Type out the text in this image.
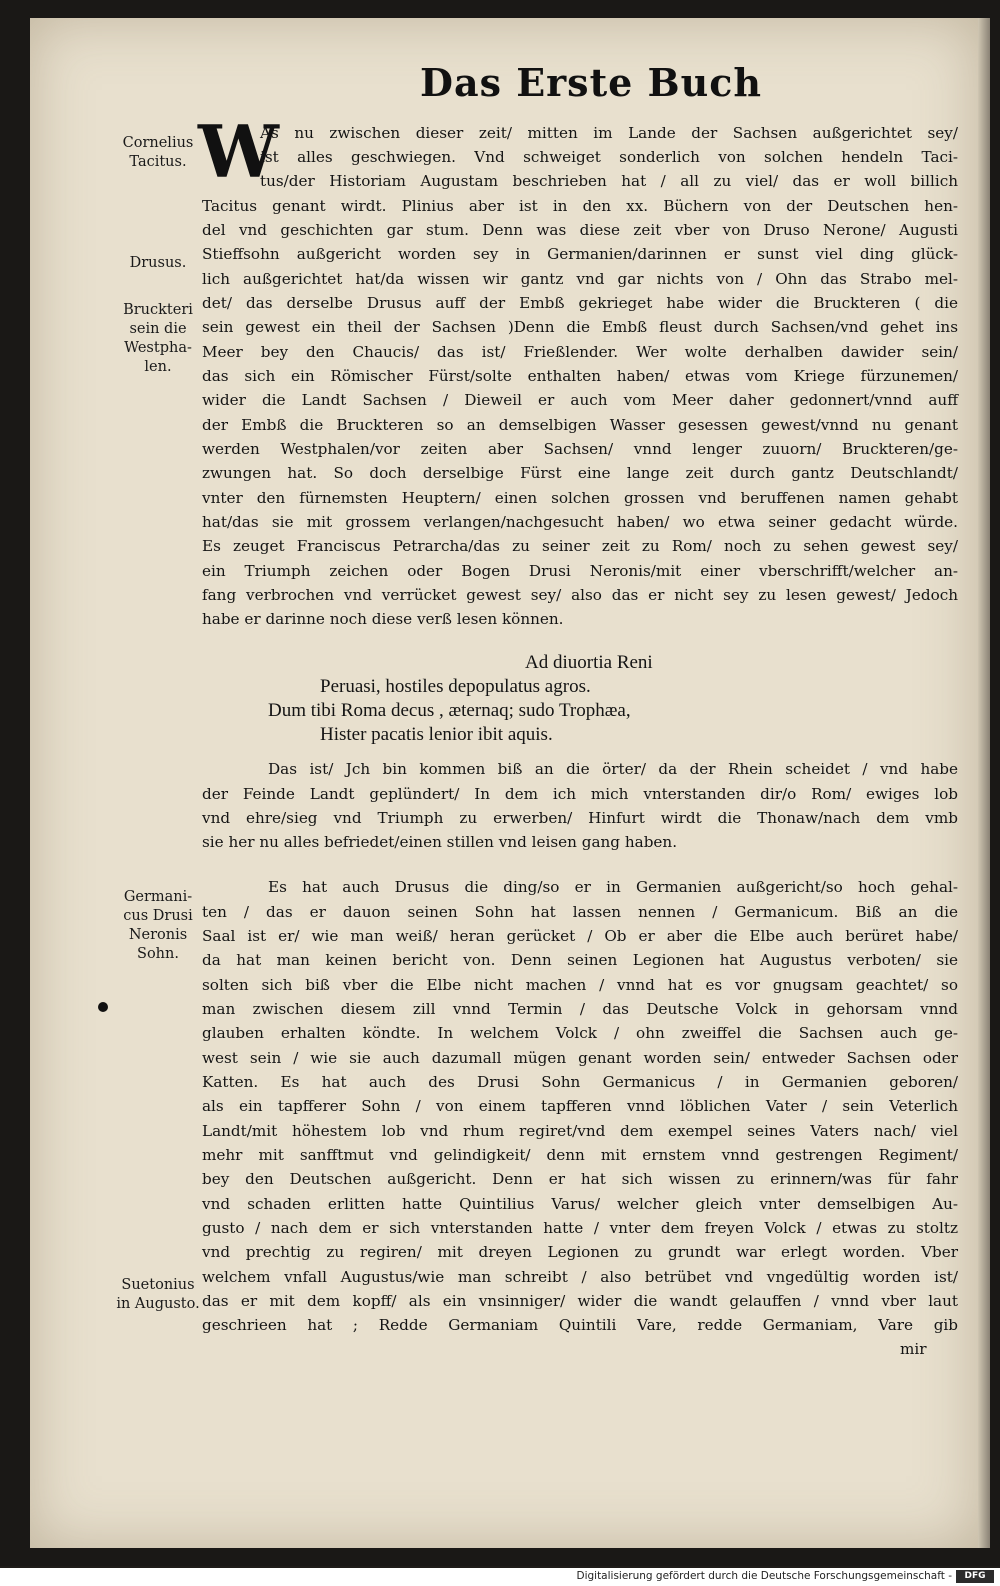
Das Erste Buch
W
Cornelius
Tacitus.
Drusus.
Bruckteri
sein die
Westpha-
len.
Germani-
cus Drusi
Neronis
Sohn.
Suetonius
in Augusto.
As nu zwischen dieser zeit/ mitten im Lande der Sachsen außgerichtet sey/
ist alles geschwiegen. Vnd schweiget sonderlich von solchen hendeln Taci-
tus/der Historiam Augustam beschrieben hat / all zu viel/ das er woll billich
Tacitus genant wirdt. Plinius aber ist in den xx. Büchern von der Deutschen hen-
del vnd geschichten gar stum. Denn was diese zeit vber von Druso Nerone/ Augusti
Stieffsohn außgericht worden sey in Germanien/darinnen er sunst viel ding glück-
lich außgerichtet hat/da wissen wir gantz vnd gar nichts von / Ohn das Strabo mel-
det/ das derselbe Drusus auff der Embß gekrieget habe wider die Bruckteren ( die
sein gewest ein theil der Sachsen )Denn die Embß fleust durch Sachsen/vnd gehet ins
Meer bey den Chaucis/ das ist/ Frießlender. Wer wolte derhalben dawider sein/
das sich ein Römischer Fürst/solte enthalten haben/ etwas vom Kriege fürzunemen/
wider die Landt Sachsen / Dieweil er auch vom Meer daher gedonnert/vnnd auff
der Embß die Bruckteren so an demselbigen Wasser gesessen gewest/vnnd nu genant
werden Westphalen/vor zeiten aber Sachsen/ vnnd lenger zuuorn/ Bruckteren/ge-
zwungen hat. So doch derselbige Fürst eine lange zeit durch gantz Deutschlandt/
vnter den fürnemsten Heuptern/ einen solchen grossen vnd beruffenen namen gehabt
hat/das sie mit grossem verlangen/nachgesucht haben/ wo etwa seiner gedacht würde.
Es zeuget Franciscus Petrarcha/das zu seiner zeit zu Rom/ noch zu sehen gewest sey/
ein Triumph zeichen oder Bogen Drusi Neronis/mit einer vberschrifft/welcher an-
fang verbrochen vnd verrücket gewest sey/ also das er nicht sey zu lesen gewest/ Jedoch
habe er darinne noch diese verß lesen können.
Ad diuortia Reni
Peruasi, hostiles depopulatus agros.
Dum tibi Roma decus , æternaq; sudo Trophæa,
Hister pacatis lenior ibit aquis.
Das ist/ Jch bin kommen biß an die örter/ da der Rhein scheidet / vnd habe
der Feinde Landt geplündert/ In dem ich mich vnterstanden dir/o Rom/ ewiges lob
vnd ehre/sieg vnd Triumph zu erwerben/ Hinfurt wirdt die Thonaw/nach dem vmb
sie her nu alles befriedet/einen stillen vnd leisen gang haben.
Es hat auch Drusus die ding/so er in Germanien außgericht/so hoch gehal-
ten / das er dauon seinen Sohn hat lassen nennen / Germanicum. Biß an die
Saal ist er/ wie man weiß/ heran gerücket / Ob er aber die Elbe auch berüret habe/
da hat man keinen bericht von. Denn seinen Legionen hat Augustus verboten/ sie
solten sich biß vber die Elbe nicht machen / vnnd hat es vor gnugsam geachtet/ so
man zwischen diesem zill vnnd Termin / das Deutsche Volck in gehorsam vnnd
glauben erhalten köndte. In welchem Volck / ohn zweiffel die Sachsen auch ge-
west sein / wie sie auch dazumall mügen genant worden sein/ entweder Sachsen oder
Katten. Es hat auch des Drusi Sohn Germanicus / in Germanien geboren/
als ein tapfferer Sohn / von einem tapfferen vnnd löblichen Vater / sein Veterlich
Landt/mit höhestem lob vnd rhum regiret/vnd dem exempel seines Vaters nach/ viel
mehr mit sanfftmut vnd gelindigkeit/ denn mit ernstem vnnd gestrengen Regiment/
bey den Deutschen außgericht. Denn er hat sich wissen zu erinnern/was für fahr
vnd schaden erlitten hatte Quintilius Varus/ welcher gleich vnter demselbigen Au-
gusto / nach dem er sich vnterstanden hatte / vnter dem freyen Volck / etwas zu stoltz
vnd prechtig zu regiren/ mit dreyen Legionen zu grundt war erlegt worden. Vber
welchem vnfall Augustus/wie man schreibt / also betrübet vnd vngedültig worden ist/
das er mit dem kopff/ als ein vnsinniger/ wider die wandt gelauffen / vnnd vber laut
geschrieen hat ; Redde Germaniam Quintili Vare, redde Germaniam, Vare gib
mir
Digitalisierung gefördert durch die Deutsche Forschungsgemeinschaft -	DFG
